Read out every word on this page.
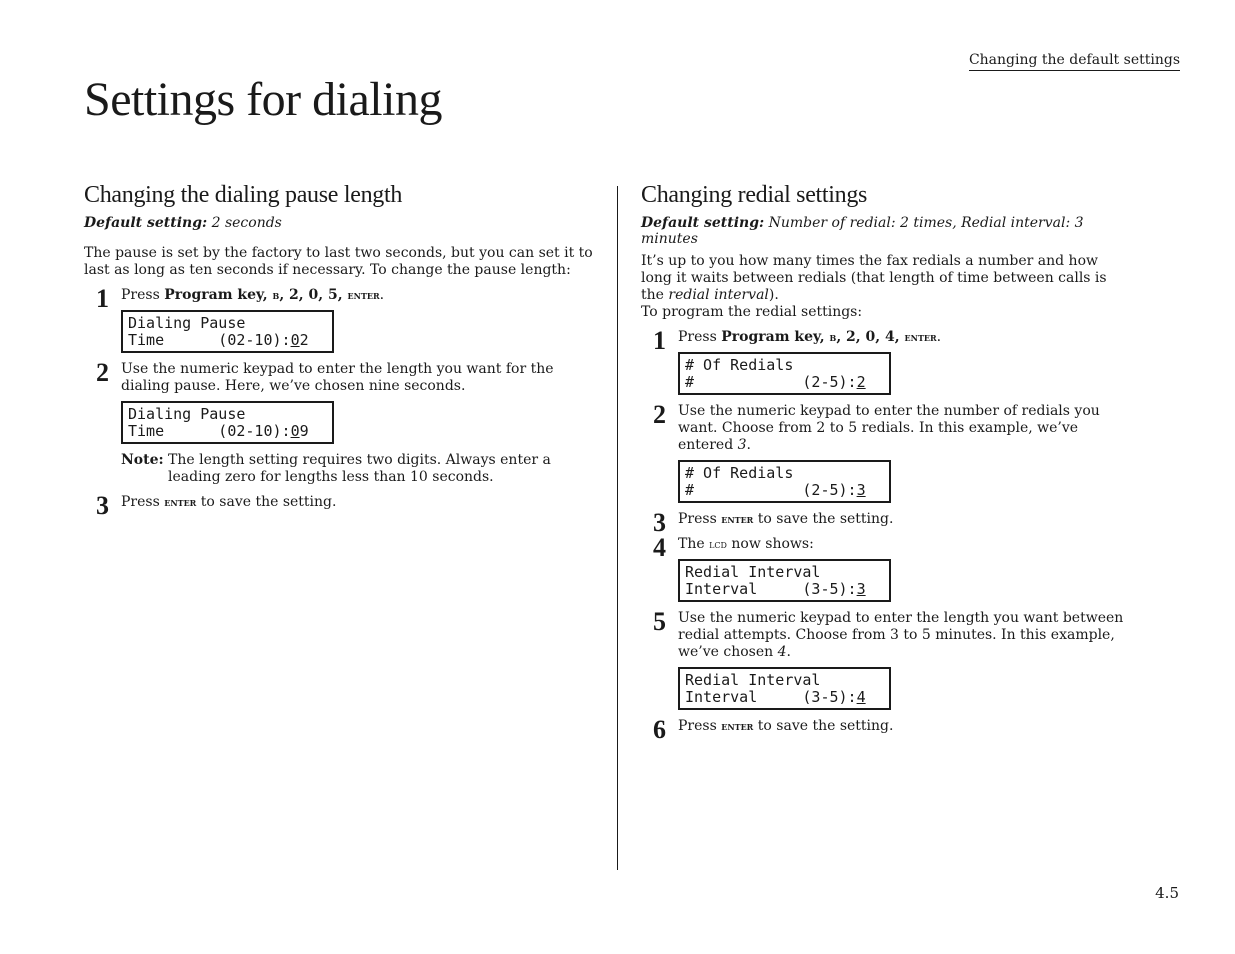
Changing the default settings
Settings for dialing
Changing the dialing pause length
Default setting: 2 seconds

The pause is set by the factory to last two seconds, but you can set it to last as long as ten seconds if necessary. To change the pause length:

1 Press Program key, b, 2, 0, 5, enter.
Dialing Pause
Time      (02-10):02
2 Use the numeric keypad to enter the length you want for the dialing pause. Here, we’ve chosen nine seconds.
Dialing Pause
Time      (02-10):09
Note: The length setting requires two digits. Always enter a leading zero for lengths less than 10 seconds.
3 Press enter to save the setting.
Changing redial settings
Default setting: Number of redial: 2 times, Redial interval: 3 minutes

It’s up to you how many times the fax redials a number and how long it waits between redials (that length of time between calls is the redial interval).

To program the redial settings:

1 Press Program key, b, 2, 0, 4, enter.
# Of Redials
#            (2-5):2
2 Use the numeric keypad to enter the number of redials you want. Choose from 2 to 5 redials. In this example, we’ve entered 3.
# Of Redials
#            (2-5):3
3 Press enter to save the setting.
4 The lcd now shows:
Redial Interval
Interval     (3-5):3
5 Use the numeric keypad to enter the length you want between redial attempts. Choose from 3 to 5 minutes. In this example, we’ve chosen 4.
Redial Interval
Interval     (3-5):4
6 Press enter to save the setting.
4.5
